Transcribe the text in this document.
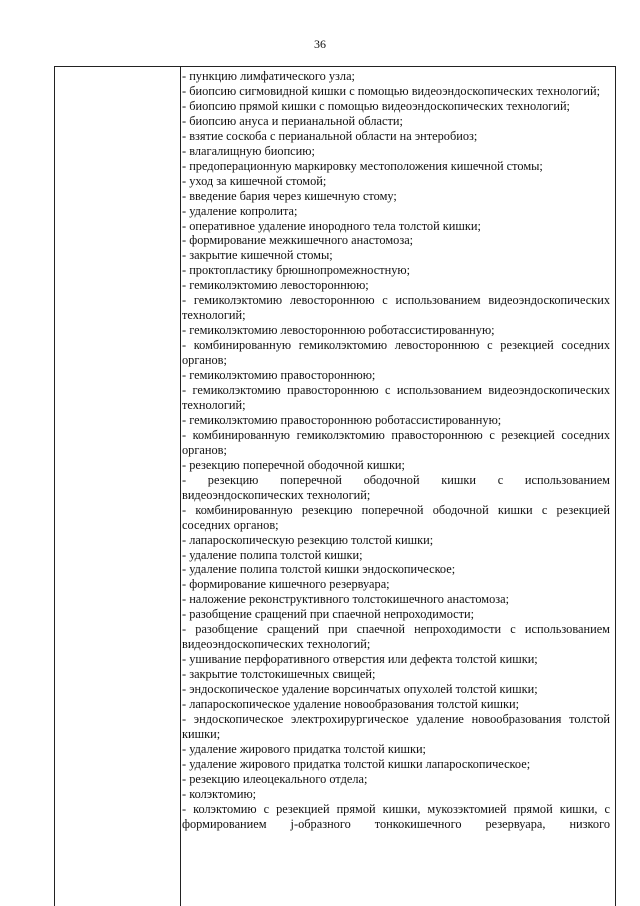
36

- пункцию лимфатического узла;

- биопсию сигмовидной кишки с помощью видеоэндоскопических технологий;

- биопсию прямой кишки с помощью видеоэндоскопических технологий;

- биопсию ануса и перианальной области;

- взятие соскоба с перианальной области на энтеробиоз;

- влагалищную биопсию;

- предоперационную маркировку местоположения кишечной стомы;

- уход за кишечной стомой;

- введение бария через кишечную стому;

- удаление копролита;

- оперативное удаление инородного тела толстой кишки;

- формирование межкишечного анастомоза;

- закрытие кишечной стомы;

- проктопластику брюшнопромежностную;

- гемиколэктомию левостороннюю;

- гемиколэктомию левостороннюю с использованием видеоэндоскопических технологий;

- гемиколэктомию левостороннюю роботассистированную;

- комбинированную гемиколэктомию левостороннюю с резекцией соседних органов;

- гемиколэктомию правостороннюю;

- гемиколэктомию правостороннюю с использованием видеоэндоскопических технологий;

- гемиколэктомию правостороннюю роботассистированную;

- комбинированную гемиколэктомию правостороннюю с резекцией соседних органов;

- резекцию поперечной ободочной кишки;

- резекцию поперечной ободочной кишки с использованием видеоэндоскопических технологий;

- комбинированную резекцию поперечной ободочной кишки с резекцией соседних органов;

- лапароскопическую резекцию толстой кишки;

- удаление полипа толстой кишки;

- удаление полипа толстой кишки эндоскопическое;

- формирование кишечного резервуара;

- наложение реконструктивного толстокишечного анастомоза;

- разобщение сращений при спаечной непроходимости;

- разобщение сращений при спаечной непроходимости с использованием видеоэндоскопических технологий;

- ушивание перфоративного отверстия или дефекта толстой кишки;

- закрытие толстокишечных свищей;

- эндоскопическое удаление ворсинчатых опухолей толстой кишки;

- лапароскопическое удаление новообразования толстой кишки;

- эндоскопическое электрохирургическое удаление новообразования толстой кишки;

- удаление жирового придатка толстой кишки;

- удаление жирового придатка толстой кишки лапароскопическое;

- резекцию илеоцекального отдела;

- колэктомию;

- колэктомию с резекцией прямой кишки, мукозэктомией прямой кишки, с формированием j-образного тонкокишечного резервуара, низкого
